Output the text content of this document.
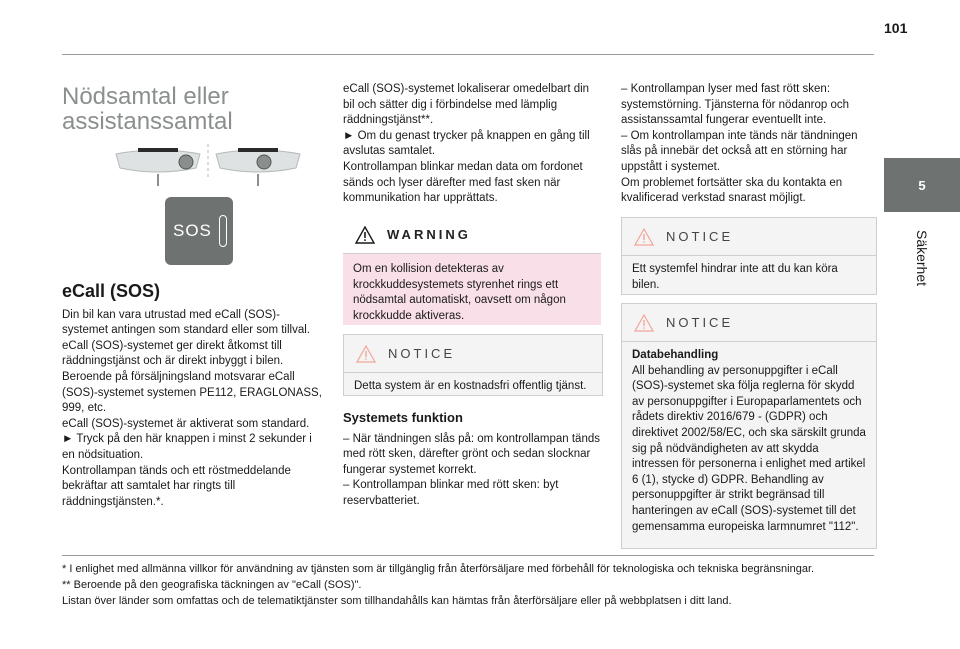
101
5
Säkerhet
Nödsamtal eller assistanssamtal
SOS
eCall (SOS)

Din bil kan vara utrustad med eCall (SOS)-systemet antingen som standard eller som tillval.

eCall (SOS)-systemet ger direkt åtkomst till räddningstjänst och är direkt inbyggt i bilen.

Beroende på försäljningsland motsvarar eCall (SOS)-systemet systemen PE112, ERAGLONASS, 999, etc.

eCall (SOS)-systemet är aktiverat som standard.

► Tryck på den här knappen i minst 2 sekunder i en nödsituation.

Kontrollampan tänds och ett röstmeddelande bekräftar att samtalet har ringts till räddningstjänsten.*.

eCall (SOS)-systemet lokaliserar omedelbart din bil och sätter dig i förbindelse med lämplig räddningstjänst**.

► Om du genast trycker på knappen en gång till avslutas samtalet.

Kontrollampan blinkar medan data om fordonet sänds och lyser därefter med fast sken när kommunikation har upprättats.

WARNING
Om en kollision detekteras av krockkuddesystemets styrenhet rings ett nödsamtal automatiskt, oavsett om någon krockkudde aktiveras.
NOTICE
Detta system är en kostnadsfri offentlig tjänst.
Systemets funktion

– När tändningen slås på: om kontrollampan tänds med rött sken, därefter grönt och sedan slocknar fungerar systemet korrekt.

– Kontrollampan blinkar med rött sken: byt reservbatteriet.

– Kontrollampan lyser med fast rött sken: systemstörning. Tjänsterna för nödanrop och assistanssamtal fungerar eventuellt inte.

– Om kontrollampan inte tänds när tändningen slås på innebär det också att en störning har uppstått i systemet.

Om problemet fortsätter ska du kontakta en kvalificerad verkstad snarast möjligt.

NOTICE
Ett systemfel hindrar inte att du kan köra bilen.
NOTICE

Databehandling

All behandling av personuppgifter i eCall (SOS)-systemet ska följa reglerna för skydd av personuppgifter i Europaparlamentets och rådets direktiv 2016/679 - (GDPR) och direktivet 2002/58/EC, och ska särskilt grunda sig på nödvändigheten av att skydda intressen för personerna i enlighet med artikel 6 (1), stycke d) GDPR. Behandling av personuppgifter är strikt begränsad till hanteringen av eCall (SOS)-systemet till det gemensamma europeiska larmnumret "112".

* I enlighet med allmänna villkor för användning av tjänsten som är tillgänglig från återförsäljare med förbehåll för teknologiska och tekniska begränsningar.

** Beroende på den geografiska täckningen av "eCall (SOS)".

Listan över länder som omfattas och de telematiktjänster som tillhandahålls kan hämtas från återförsäljare eller på webbplatsen i ditt land.
